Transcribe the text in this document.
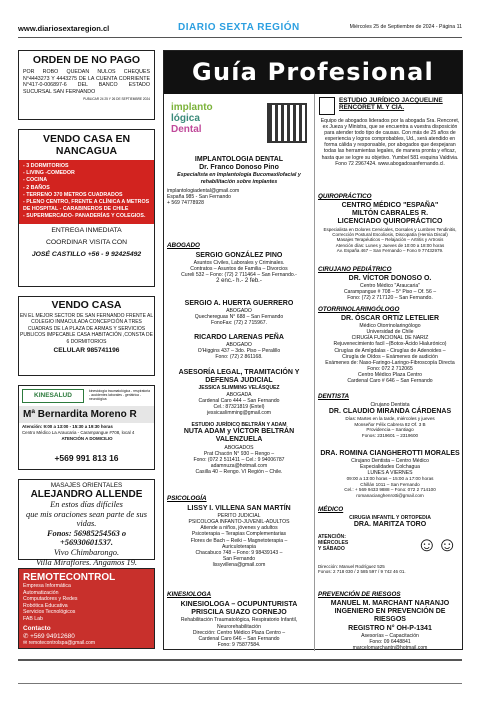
www.diariosextaregion.cl	DIARIO SEXTA REGIÓN	Miércoles 25 de Septiembre de 2024 - Página 11
ORDEN DE NO PAGO
POR ROBO QUEDAN NULOS CHEQUES N°4443273 Y 4443275 DE LA CUENTA CORRIENTE N°417-0-006897-6 DEL BANCO ESTADO SUCURSAL SAN FERNANDO
PUBLICAR 24 25 Y 26 DE SEPTIEMBRE 2024
VENDO CASA EN NANCAGUA
- 3 DORMITORIOS
- LIVING -COMEDOR
- COCINA
- 2 BAÑOS
- TERRENO 370 METROS CUADRADOS
- PLENO CENTRO, FRENTE A CLÍNICA A METROS DE HOSPITAL - CARABINEROS DE CHILE
- SUPERMERCADO- PANADERÍAS Y COLEGIOS.
ENTREGA INMEDIATA
COORDINAR VISITA CON
JOSÉ CASTILLO +56 - 9 92425492
VENDO CASA
EN EL MEJOR SECTOR DE SAN FERNANDO FRENTE AL COLEGIO INMACULADA CONCEPCIÓN A TRES CUADRAS DE LA PLAZA DE ARMAS Y SERVICIOS PUBLICOS IMPECABLE CASA HABITACIÓN ,CONSTA DE 6 DORMITORIOS
CELULAR 985741196
KINESALUD
kinesiología traumatológica - respiratoria - accidentes laborales - geriátrica - neurológica
Mª Bernardita Moreno R
Atención: 9:00 a 13:00 - 15:30 a 19:30 horas
Centro Médico La Araucaria - Carampangue #708, local 4
ATENCIÓN A DOMICILIO
+569 991 813 16
MASAJES ORIENTALES
ALEJANDRO ALLENDE
En estos días difíciles
que mis oraciones sean parte de sus vidas.
Fonos: 56985254563 o +56930601537.
Vivo Chimbarongo.
Villa Miraflores. Angamos 19.
REMOTECONTROL
Empresa Informática
Automatización
Computadores y Redes
Robótica Educativa
Servicios Tecnológicos
FAB Lab
Contacto
✆ +569 94912680
✉ remotecontrolspa@gmail.com
Guía Profesional
implanto
lógica
Dental
IMPLANTOLOGIA DENTAL
Dr. Franco Donoso Pino
Especialista en Implantología Bucomaxilofacial y rehabilitación sobre implantes
implantologiadental@gmail.com
España 985 - San Fernando
+ 569 74778928
ABOGADO
SERGIO GONZÁLEZ PINO
Asuntos Civiles, Laborales y Criminales.
Contratos – Asuntos de Familia – Divorcios
Cureli 532 – Fono: (72) 2 711464 – San Fernando.-
2 enc.- h.- 2 feb.-
SERGIO A. HUERTA GUERRERO
ABOGADO
Quechereguas N° 688 – San Fernando
FonoFax: (72) 2 715967.
RICARDO LARENAS PEÑA
ABOGADO
O'Higgins 437 – 3do. Piso – Peralillo
Fono: (72) 2 861168.
ASESORÍA LEGAL, TRAMITACIÓN Y DEFENSA JUDICIAL
JESSICA SLIMMING VELÁSQUEZ
ABOGADA
Cardenal Caro 444 – San Fernando
Cel.: 87321819 (Entel)
jessicaslimming@gmail.com
ESTUDIO JURÍDICO BELTRÁN Y ADAM
NUTA ADAM y VÍCTOR BELTRÁN VALENZUELA
ABOGADOS
Prat Chacón N° 930 – Rengo –
Fono: (072 2 511411 – Cel.: 9 94006787
adamnuza@hotmail.com
Casilla 40 – Rengo. VI Región – Chile.
PSICOLOGÍA
LISSY I. VILLENA SAN MARTÍN
PERITO JUDICIAL
PSICOLOGA INFANTO-JUVENIL-ADULTOS
Atiende a niños, jóvenes y adultos
Psicoterapia – Terapias Complementarias
Flores de Bach – Reiki – Magnetoterapia –
Auriculoterapia
Chacabuco 748 – Fono: 9 98439143 –
San Fernando
lissyvillena@gmail.com
KINESIOLOGA
KINESIOLOGA – OCUPUNTURISTA
PRISCILA SUAZO CORNEJO
Rehabilitación Traumatológica, Respiratorio Infantil,
Neurorehabilitación
Dirección: Centro Médico Plaza Centro –
Cardenal Caro 646 – San Fernando
Fono: 9 75877584.
ESTUDIO JURÍDICO JACQUELINE RENCORET M. Y CÍA.
Equipo de abogados liderados por la abogada Sra. Rencoret, ex Jueza y Ministra, que se encuentra a vuestra disposición para atender todo tipo de causas. Con más de 25 años de experiencia y logros comprobables, Ud., será atendido en forma cálida y responsable, por abogados que despejaran todas las herramientas legales, de manera pronta y eficaz, hasta que se logre su objetivo. Yumbel 581 esquina Valdivia. Fono 72 2967424. www.abogadosanfernando.cl.
QUIROPRÁCTICO
CENTRO MÉDICO "ESPAÑA"
MILTÓN CABRALES R.
LICENCIADO QUIROPRÁCTICO
Especialista en Dolores Cervicales, Dorsales y Lumbres Tendinitis, Corrección Postural Escoliosis, Discopatía (Hernia Discal)
Masajes Terapéuticos – Relajación – Artritis y Artrosis
Atención días: Lunes y Jueves de 10:00 a 18:00 horas
Av. España 467 – San Fernando – Fono 9 77432979.
CIRUJANO PEDIÁTRICO
DR. VÍCTOR DONOSO O.
Centro Médico "Araucaria"
Carampangue # 708 – 5° Piso – Of. 56 –
Fono: (72) 2 717120 – San Fernando.
OTORRINOLARINGÓLOGO
DR. ÓSCAR ORTIZ LETELIER
Médico Otorrinolaringólogo
Universidad de Chile
CIRUGÍA FUNCIONAL DE NARIZ
Rejuvenecimiento facil –(Botox-Ácido Hialurónico)
Cirugías de Amígdalas - Cirugías de Adenoides –
Cirugía de Oídos – Exámenes de audición
Exámenes de: Naso-Faringo-Laringo-Fibroscopía Directa
Fono: 072 2 712065
Centro Médico Plaza Centro
Cardenal Caro # 646 – San Fernando
DENTISTA
Cirujano Dentista
DR. CLAUDIO MIRANDA CÁRDENAS
Días: Martes en la tarde, miércoles y jueves
Monseñor Félix Cabrera 82 Of. 3 B
Providencia – Santiago
Fonos: 2319601 – 2319600
DRA. ROMINA CIANGHEROTTI MORALES
Cirujano Dentista – Centro Médico
Especialidades Colchagua
LUNES A VIERNES
09:00 a 13:00 horas – 15:00 a 17:00 horas
Chillán 1011 – San Fernando
Cel.: + 569 9433 9888 – Fono: 072 2 714100
romanacianghenrotti@gmail.com
MÉDICO
CIRUGIA INFANTIL Y ORTOPEDIA
DRA. MARITZA TORO
ATENCIÓN:
MIÉRCOLES
Y SÁBADO	☺☺
Dirección: Manuel Rodríguez 525
Fonos: 2 718 030 / 2 585 597 / 9 742 46 01.
PREVENCIÓN DE RIESGOS
MANUEL M. MARCHANT NARANJO
INGENIERO EN PREVENCIÓN DE RIESGOS
REGISTRO N° OH-P-1341
Asesorías – Capacitación
Fono: 09 6448841
marcelomarchantn@hotmail.com
